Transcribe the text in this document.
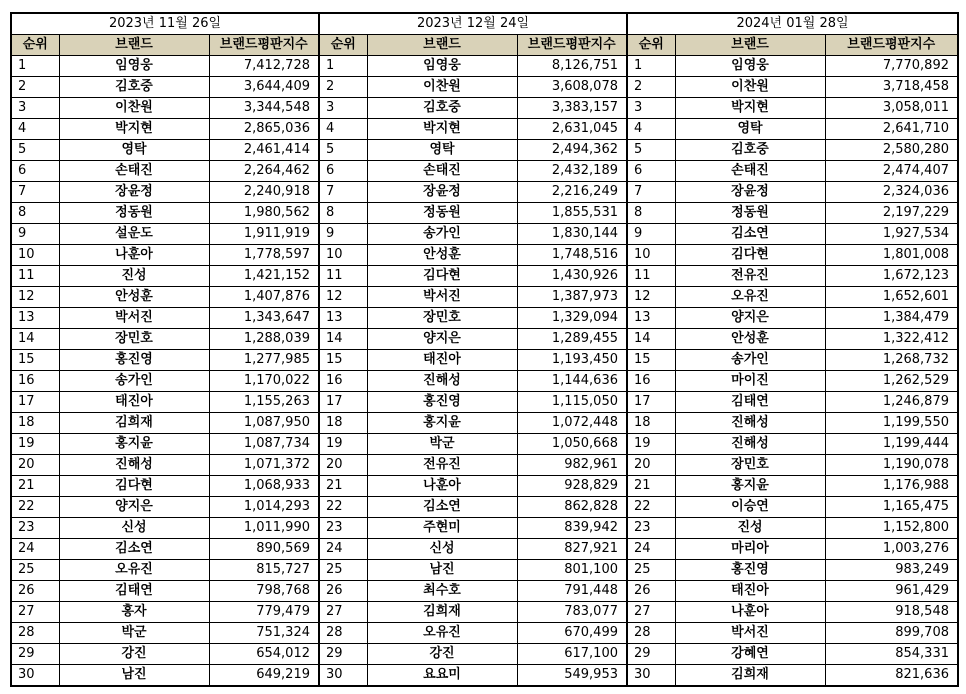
2023년 11월 26일			2023년 12월 24일			2024년 01월 28일		
순위	브랜드	브랜드평판지수	순위	브랜드	브랜드평판지수	순위	브랜드	브랜드평판지수
1	임영웅	7,412,728	1	임영웅	8,126,751	1	임영웅	7,770,892
2	김호중	3,644,409	2	이찬원	3,608,078	2	이찬원	3,718,458
3	이찬원	3,344,548	3	김호중	3,383,157	3	박지현	3,058,011
4	박지현	2,865,036	4	박지현	2,631,045	4	영탁	2,641,710
5	영탁	2,461,414	5	영탁	2,494,362	5	김호중	2,580,280
6	손태진	2,264,462	6	손태진	2,432,189	6	손태진	2,474,407
7	장윤정	2,240,918	7	장윤정	2,216,249	7	장윤정	2,324,036
8	정동원	1,980,562	8	정동원	1,855,531	8	정동원	2,197,229
9	설운도	1,911,919	9	송가인	1,830,144	9	김소연	1,927,534
10	나훈아	1,778,597	10	안성훈	1,748,516	10	김다현	1,801,008
11	진성	1,421,152	11	김다현	1,430,926	11	전유진	1,672,123
12	안성훈	1,407,876	12	박서진	1,387,973	12	오유진	1,652,601
13	박서진	1,343,647	13	장민호	1,329,094	13	양지은	1,384,479
14	장민호	1,288,039	14	양지은	1,289,455	14	안성훈	1,322,412
15	홍진영	1,277,985	15	태진아	1,193,450	15	송가인	1,268,732
16	송가인	1,170,022	16	진해성	1,144,636	16	마이진	1,262,529
17	태진아	1,155,263	17	홍진영	1,115,050	17	김태연	1,246,879
18	김희재	1,087,950	18	홍지윤	1,072,448	18	진해성	1,199,550
19	홍지윤	1,087,734	19	박군	1,050,668	19	진해성	1,199,444
20	진해성	1,071,372	20	전유진	982,961	20	장민호	1,190,078
21	김다현	1,068,933	21	나훈아	928,829	21	홍지윤	1,176,988
22	양지은	1,014,293	22	김소연	862,828	22	이승연	1,165,475
23	신성	1,011,990	23	주현미	839,942	23	진성	1,152,800
24	김소연	890,569	24	신성	827,921	24	마리아	1,003,276
25	오유진	815,727	25	남진	801,100	25	홍진영	983,249
26	김태연	798,768	26	최수호	791,448	26	태진아	961,429
27	홍자	779,479	27	김희재	783,077	27	나훈아	918,548
28	박군	751,324	28	오유진	670,499	28	박서진	899,708
29	강진	654,012	29	강진	617,100	29	강혜연	854,331
30	남진	649,219	30	요요미	549,953	30	김희재	821,636
